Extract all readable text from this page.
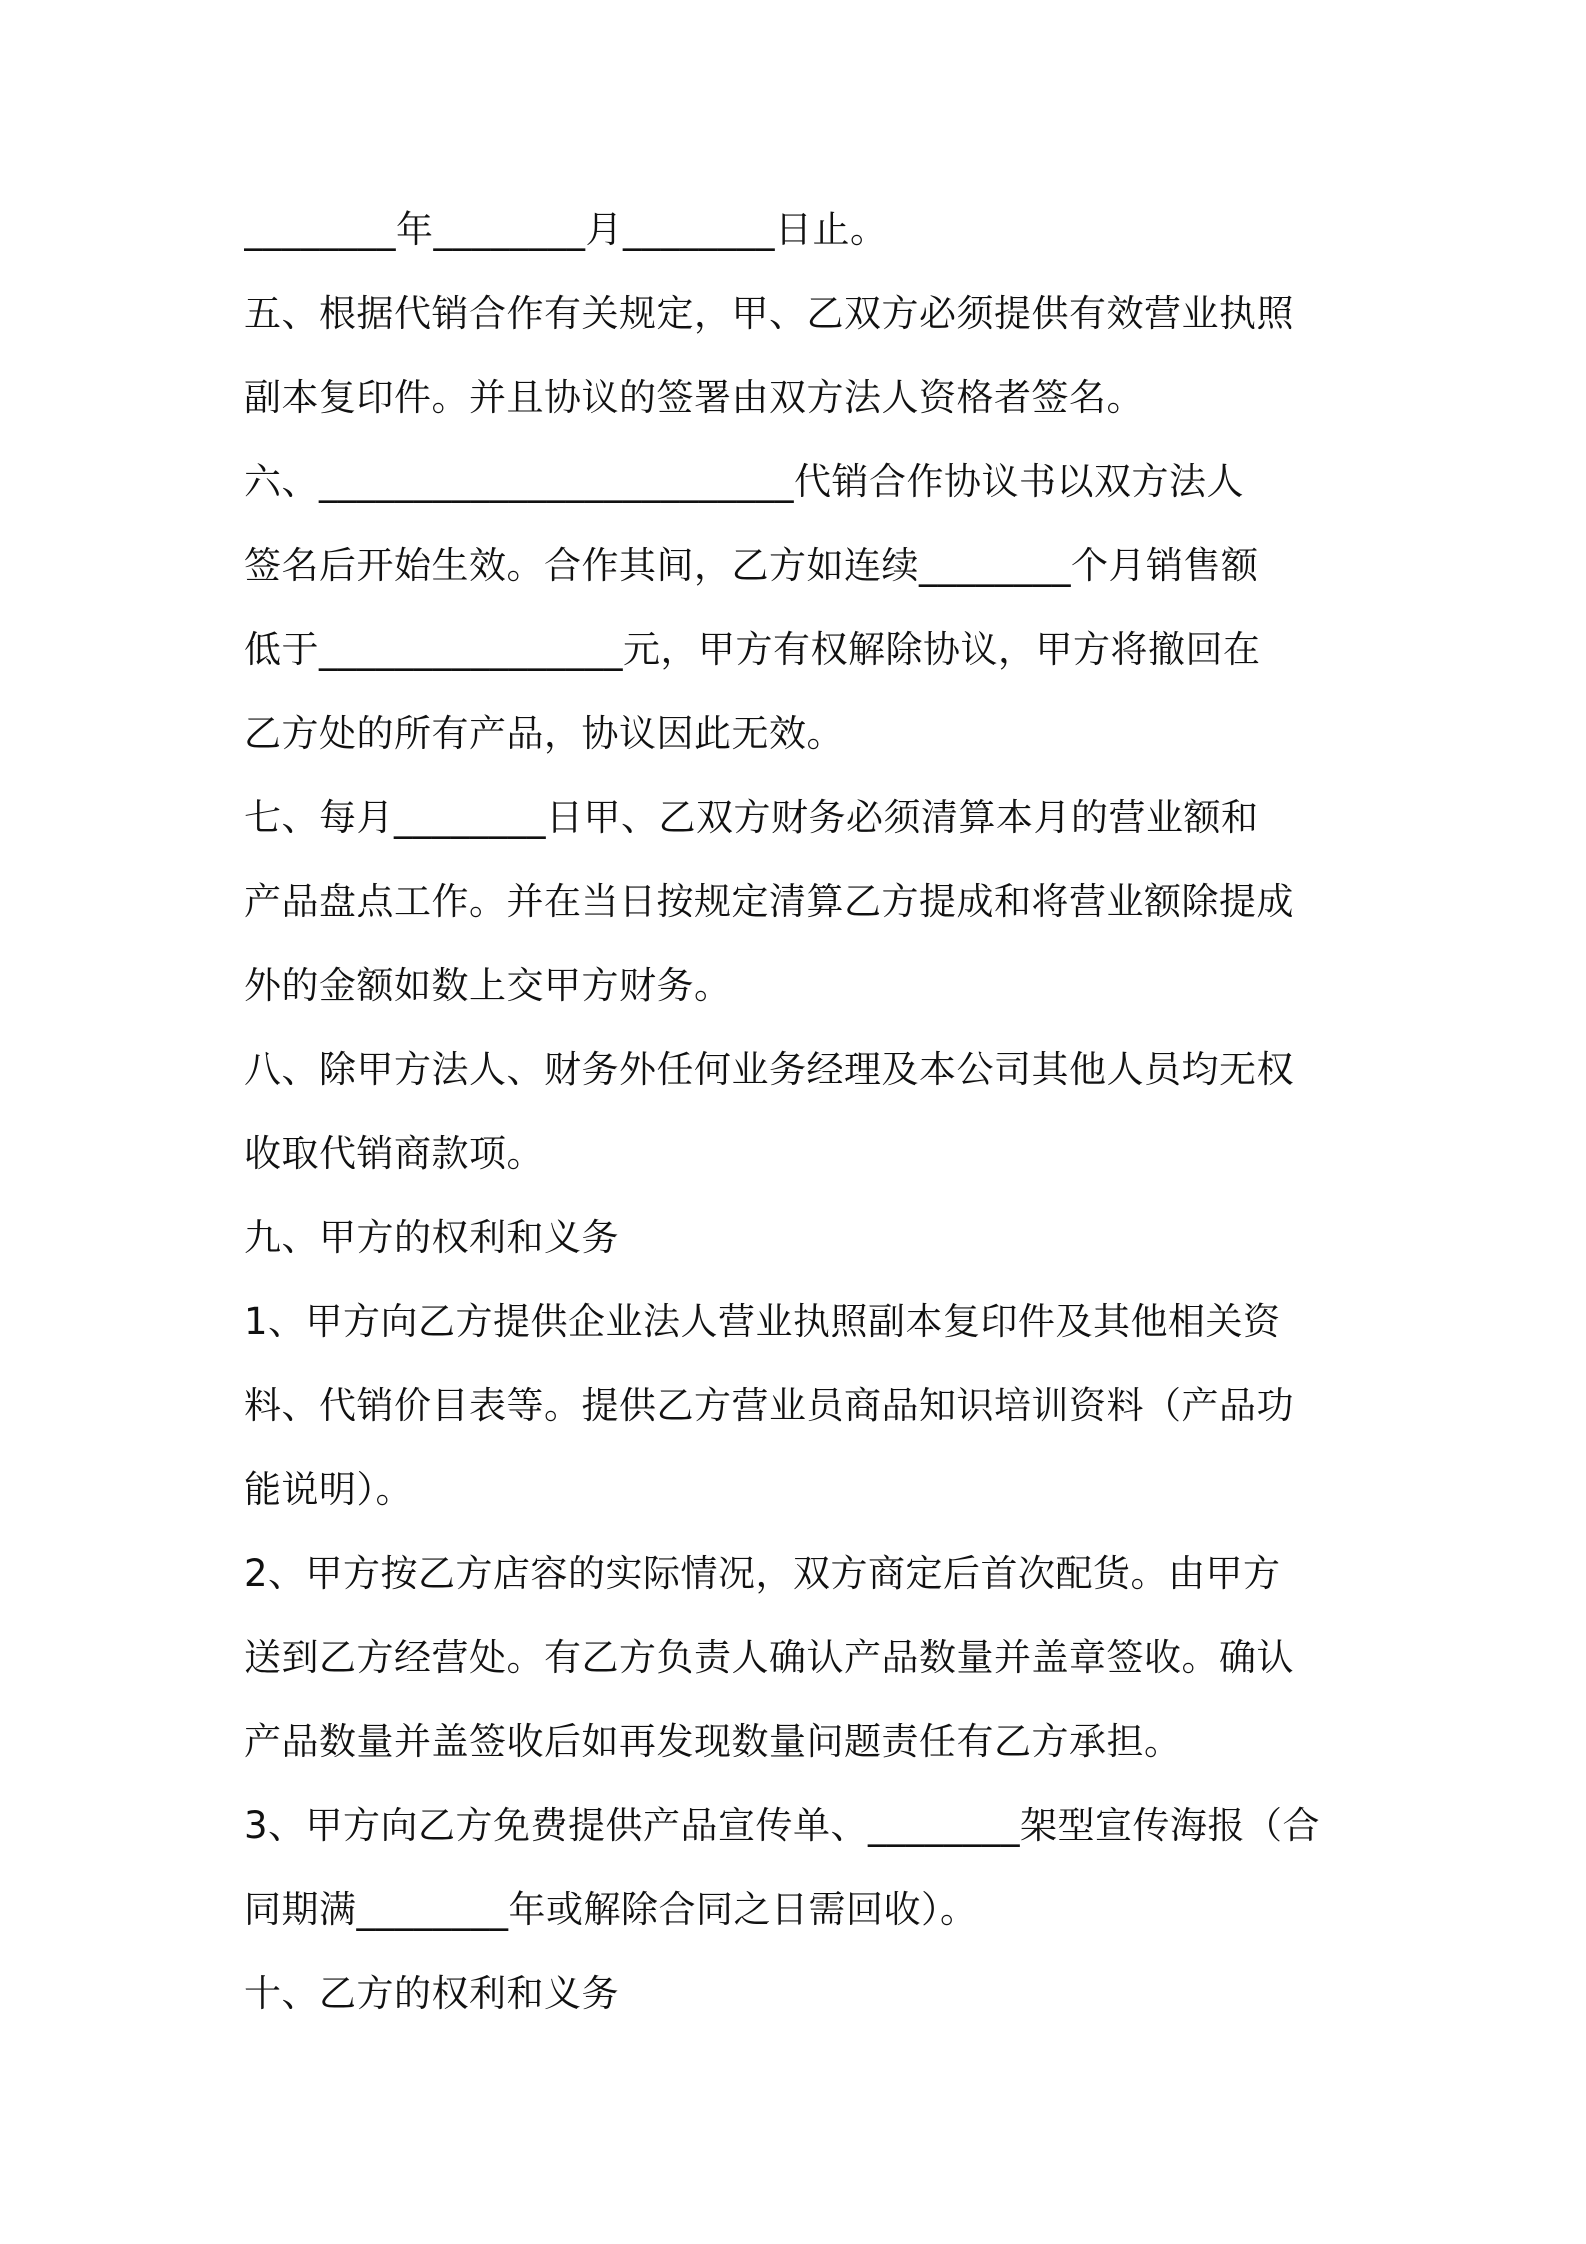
________年________月________日止。
五、根据代销合作有关规定，甲、乙双方必须提供有效营业执照
副本复印件。并且协议的签署由双方法人资格者签名。
六、_________________________代销合作协议书以双方法人
签名后开始生效。合作其间，乙方如连续________个月销售额
低于________________元，甲方有权解除协议，甲方将撤回在
乙方处的所有产品，协议因此无效。
七、每月________日甲、乙双方财务必须清算本月的营业额和
产品盘点工作。并在当日按规定清算乙方提成和将营业额除提成
外的金额如数上交甲方财务。
八、除甲方法人、财务外任何业务经理及本公司其他人员均无权
收取代销商款项。
九、甲方的权利和义务
1、甲方向乙方提供企业法人营业执照副本复印件及其他相关资
料、代销价目表等。提供乙方营业员商品知识培训资料（产品功
能说明）。
2、甲方按乙方店容的实际情况，双方商定后首次配货。由甲方
送到乙方经营处。有乙方负责人确认产品数量并盖章签收。确认
产品数量并盖签收后如再发现数量问题责任有乙方承担。
3、甲方向乙方免费提供产品宣传单、________架型宣传海报（合
同期满________年或解除合同之日需回收）。
十、乙方的权利和义务
